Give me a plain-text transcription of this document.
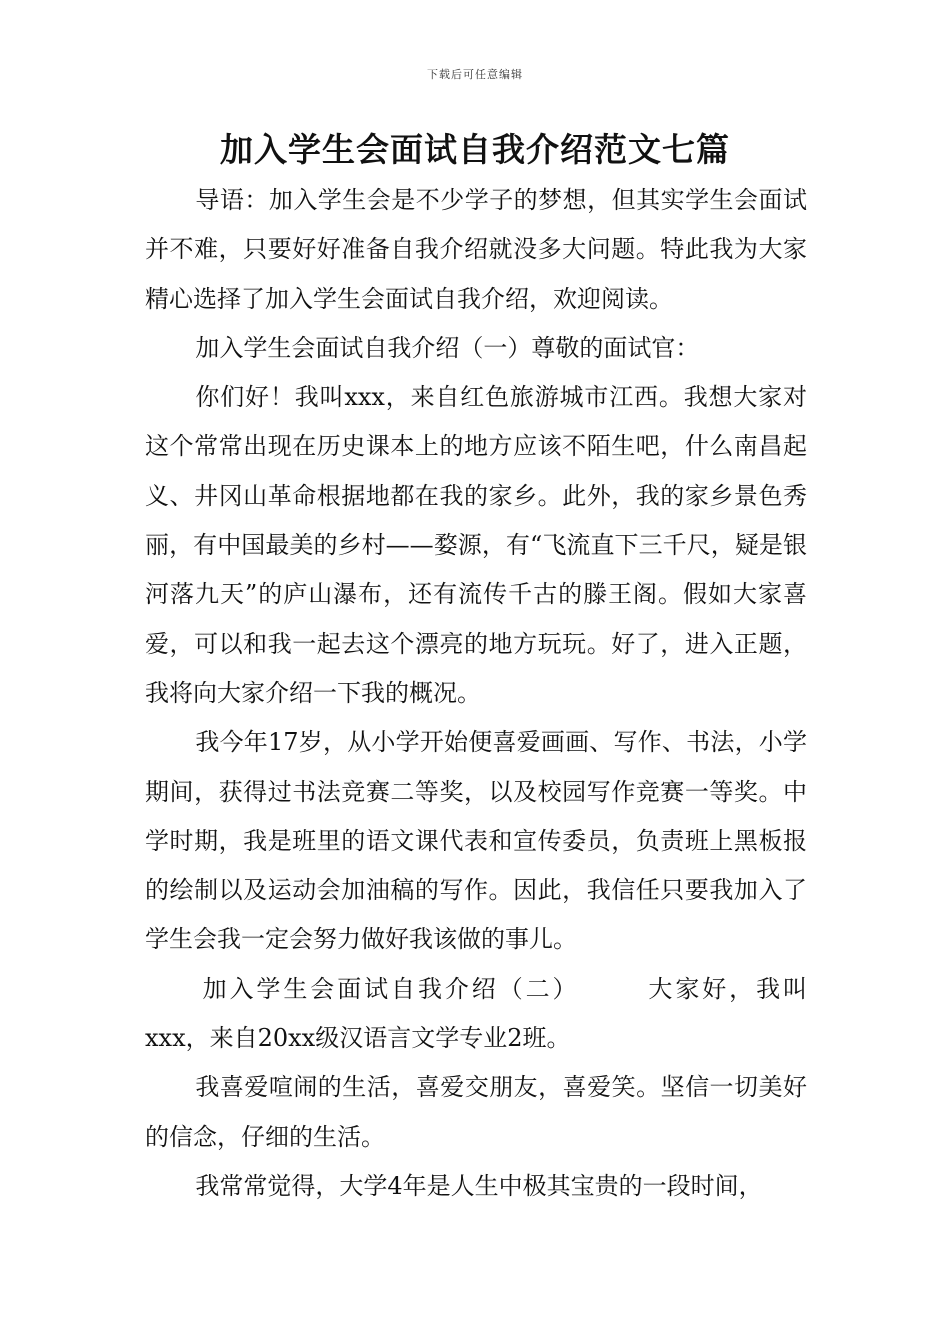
下载后可任意编辑
加入学生会面试自我介绍范文七篇

导语：加入学生会是不少学子的梦想，但其实学生会面试并不难，只要好好准备自我介绍就没多大问题。特此我为大家精心选择了加入学生会面试自我介绍，欢迎阅读。

加入学生会面试自我介绍（一）尊敬的面试官：

你们好！我叫xxx，来自红色旅游城市江西。我想大家对这个常常出现在历史课本上的地方应该不陌生吧，什么南昌起义、井冈山革命根据地都在我的家乡。此外，我的家乡景色秀丽，有中国最美的乡村——婺源，有“飞流直下三千尺，疑是银河落九天”的庐山瀑布，还有流传千古的滕王阁。假如大家喜爱，可以和我一起去这个漂亮的地方玩玩。好了，进入正题，我将向大家介绍一下我的概况。

我今年17岁，从小学开始便喜爱画画、写作、书法，小学期间，获得过书法竞赛二等奖，以及校园写作竞赛一等奖。中学时期，我是班里的语文课代表和宣传委员，负责班上黑板报的绘制以及运动会加油稿的写作。因此，我信任只要我加入了学生会我一定会努力做好我该做的事儿。

加入学生会面试自我介绍（二）	大家好，我叫xxx，来自20xx级汉语言文学专业2班。

我喜爱喧闹的生活，喜爱交朋友，喜爱笑。坚信一切美好的信念，仔细的生活。

我常常觉得，大学4年是人生中极其宝贵的一段时间，
